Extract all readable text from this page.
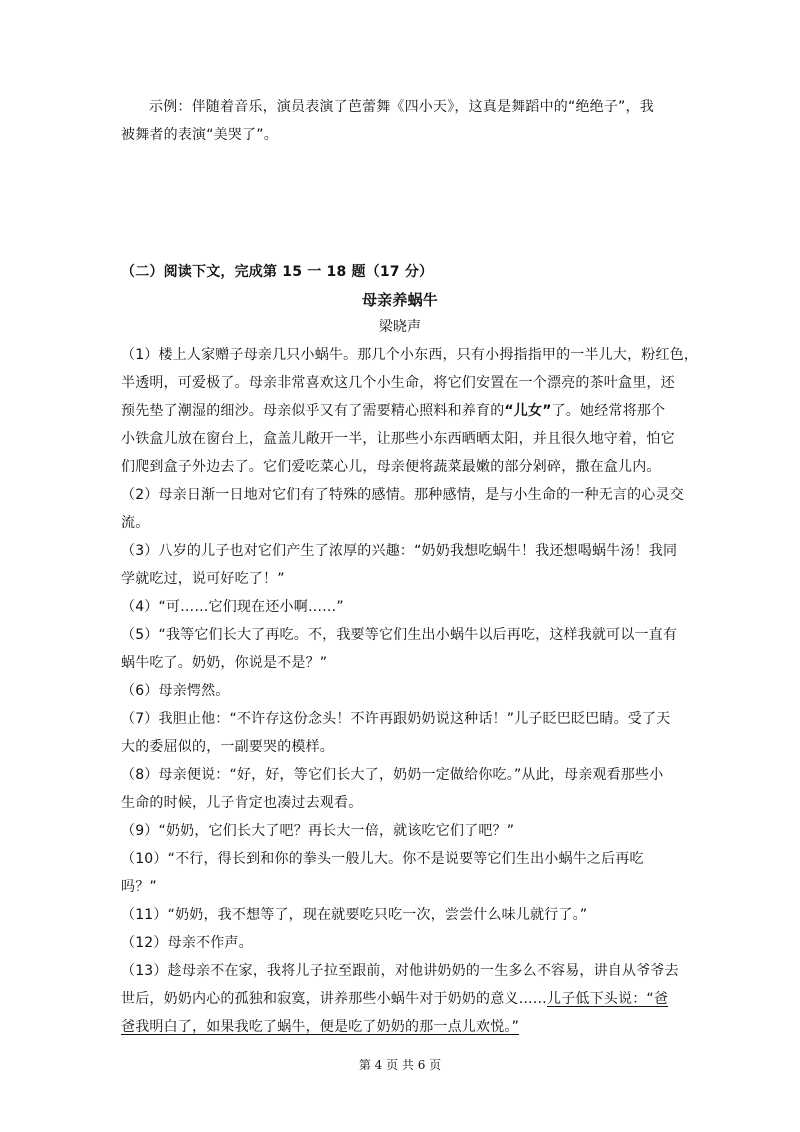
示例：伴随着音乐，演员表演了芭蕾舞《四小天》，这真是舞蹈中的“绝绝子”，我
被舞者的表演“美哭了”。
（二）阅读下文，完成第 15 一 18 题（17 分）
母亲养蜗牛
梁晓声
（1）楼上人家赠子母亲几只小蜗牛。那几个小东西，只有小拇指指甲的一半儿大，粉红色，
半透明，可爱极了。母亲非常喜欢这几个小生命，将它们安置在一个漂亮的茶叶盒里，还
预先垫了潮湿的细沙。母亲似乎又有了需要精心照料和养育的“儿女”了。她经常将那个
小铁盒儿放在窗台上，盒盖儿敞开一半，让那些小东西晒晒太阳，并且很久地守着，怕它
们爬到盒子外边去了。它们爱吃菜心儿，母亲便将蔬菜最嫩的部分剁碎，撒在盒儿内。
（2）母亲日渐一日地对它们有了特殊的感情。那种感情，是与小生命的一种无言的心灵交
流。
（3）八岁的儿子也对它们产生了浓厚的兴趣：“奶奶我想吃蜗牛！我还想喝蜗牛汤！我同
学就吃过，说可好吃了！”
（4）“可……它们现在还小啊……”
（5）“我等它们长大了再吃。不，我要等它们生出小蜗牛以后再吃，这样我就可以一直有
蜗牛吃了。奶奶，你说是不是？”
（6）母亲愕然。
（7）我胆止他：“不许存这份念头！不许再跟奶奶说这种话！”儿子眨巴眨巴睛。受了天
大的委屈似的，一副要哭的模样。
（8）母亲便说：“好，好，等它们长大了，奶奶一定做给你吃。”从此，母亲观看那些小
生命的时候，儿子肯定也凑过去观看。
（9）“奶奶，它们长大了吧？再长大一倍，就该吃它们了吧？”
（10）“不行，得长到和你的拳头一般儿大。你不是说要等它们生出小蜗牛之后再吃
吗？”
（11）“奶奶，我不想等了，现在就要吃只吃一次，尝尝什么味儿就行了。”
（12）母亲不作声。
（13）趁母亲不在家，我将儿子拉至跟前，对他讲奶奶的一生多么不容易，讲自从爷爷去
世后，奶奶内心的孤独和寂寞，讲养那些小蜗牛对于奶奶的意义……儿子低下头说：“爸
爸我明白了，如果我吃了蜗牛，便是吃了奶奶的那一点儿欢悦。”
第 4 页 共 6 页
